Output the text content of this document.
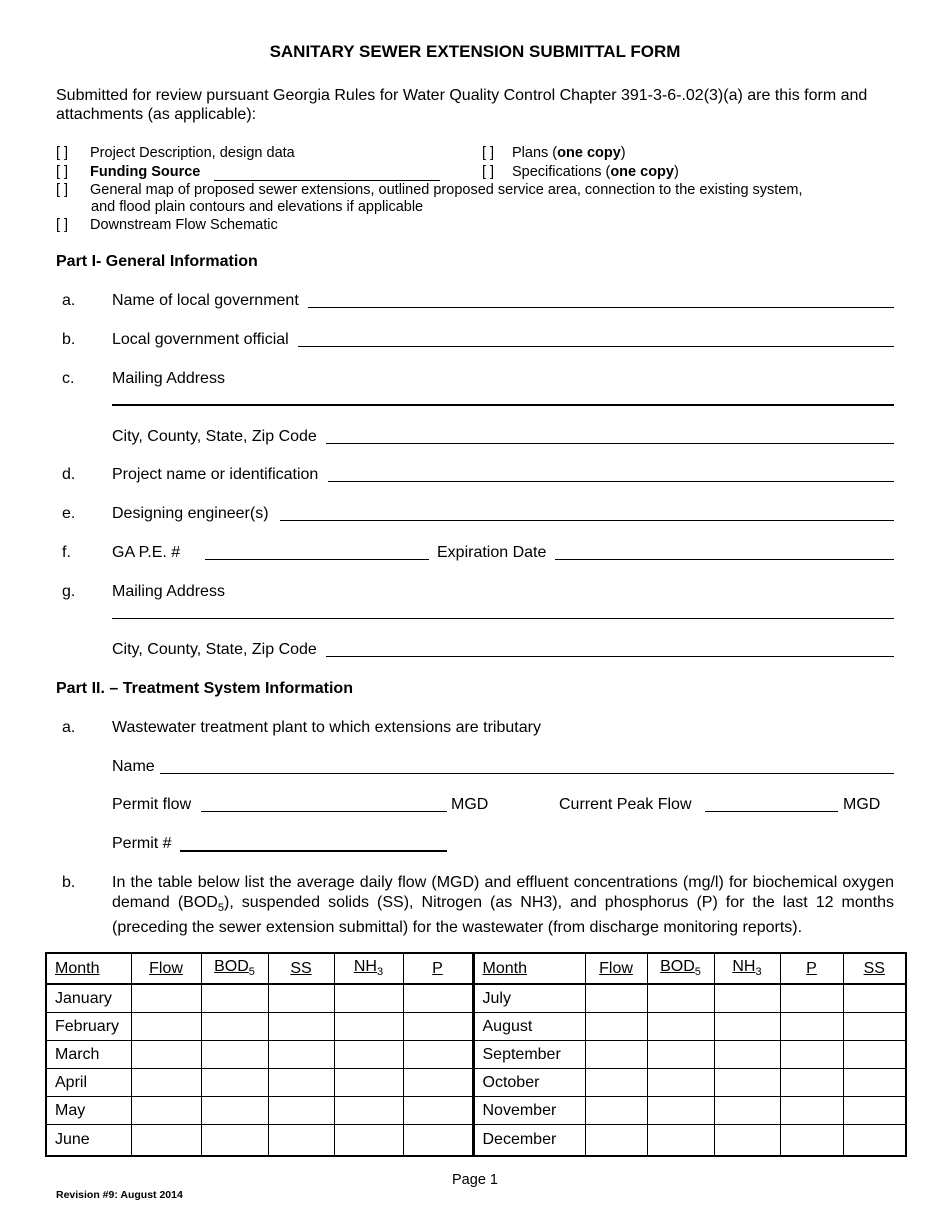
SANITARY SEWER EXTENSION SUBMITTAL FORM
Submitted for review pursuant Georgia Rules for Water Quality Control Chapter 391-3-6-.02(3)(a) are this form and attachments (as applicable):
[ ] Project Description, design data
[ ] Funding Source
[ ] General map of proposed sewer extensions, outlined proposed service area, connection to the existing system,
and flood plain contours and elevations if applicable
[ ] Downstream Flow Schematic
[ ] Plans (one copy)
[ ] Specifications (one copy)
Part I- General Information
a. Name of local government
b. Local government official
c. Mailing Address
City, County, State, Zip Code
d. Project name or identification
e. Designing engineer(s)
f.	GA P.E. #	Expiration Date
g. Mailing Address
City, County, State, Zip Code
Part II. – Treatment System Information
a. Wastewater treatment plant to which extensions are tributary
Name
Permit flow	MGD	Current Peak Flow	MGD
Permit #
b. In the table below list the average daily flow (MGD) and effluent concentrations (mg/l) for biochemical oxygen demand $(BOD_5)$, suspended solids (SS), Nitrogen (as NH3), and phosphorus (P) for the last 12 months (preceding the sewer extension submittal) for the wastewater (from discharge monitoring reports).
Month	Flow	$BOD_5$	SS	$NH_3$	P	Month	Flow	$BOD_5$	$NH_3$	P	SS
January						July					
February						August					
March						September					
April						October					
May						November					
June						December					
Page 1
Revision #9: August 2014
